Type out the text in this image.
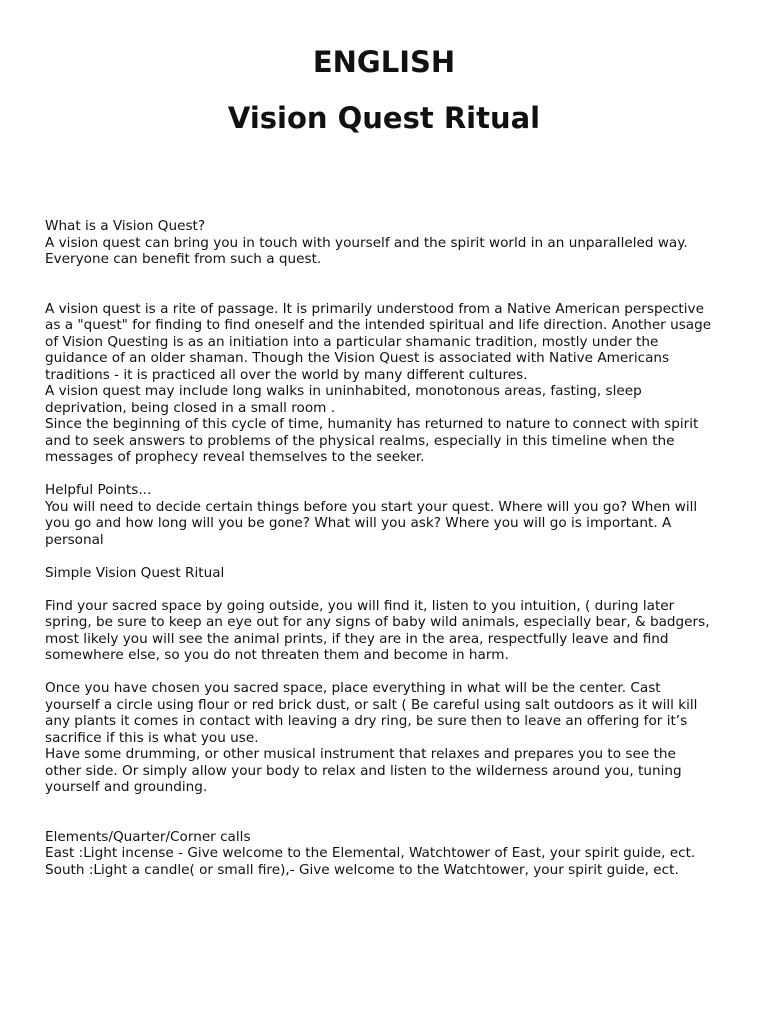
ENGLISH
Vision Quest Ritual

What is a Vision Quest?

A vision quest can bring you in touch with yourself and the spirit world in an unparalleled way.

Everyone can benefit from such a quest.

A vision quest is a rite of passage. It is primarily understood from a Native American perspective

as a "quest" for finding to find oneself and the intended spiritual and life direction. Another usage

of Vision Questing is as an initiation into a particular shamanic tradition, mostly under the

guidance of an older shaman. Though the Vision Quest is associated with Native Americans

traditions - it is practiced all over the world by many different cultures.

A vision quest may include long walks in uninhabited, monotonous areas, fasting, sleep

deprivation, being closed in a small room .

Since the beginning of this cycle of time, humanity has returned to nature to connect with spirit

and to seek answers to problems of the physical realms, especially in this timeline when the

messages of prophecy reveal themselves to the seeker.

Helpful Points...

You will need to decide certain things before you start your quest. Where will you go? When will

you go and how long will you be gone? What will you ask? Where you will go is important. A

personal

Simple Vision Quest Ritual

Find your sacred space by going outside, you will find it, listen to you intuition, ( during later

spring, be sure to keep an eye out for any signs of baby wild animals, especially bear, & badgers,

most likely you will see the animal prints, if they are in the area, respectfully leave and find

somewhere else, so you do not threaten them and become in harm.

Once you have chosen you sacred space, place everything in what will be the center. Cast

yourself a circle using flour or red brick dust, or salt ( Be careful using salt outdoors as it will kill

any plants it comes in contact with leaving a dry ring, be sure then to leave an offering for it’s

sacrifice if this is what you use.

Have some drumming, or other musical instrument that relaxes and prepares you to see the

other side. Or simply allow your body to relax and listen to the wilderness around you, tuning

yourself and grounding.

Elements/Quarter/Corner calls

East :Light incense - Give welcome to the Elemental, Watchtower of East, your spirit guide, ect.

South :Light a candle( or small fire),- Give welcome to the Watchtower, your spirit guide, ect.
